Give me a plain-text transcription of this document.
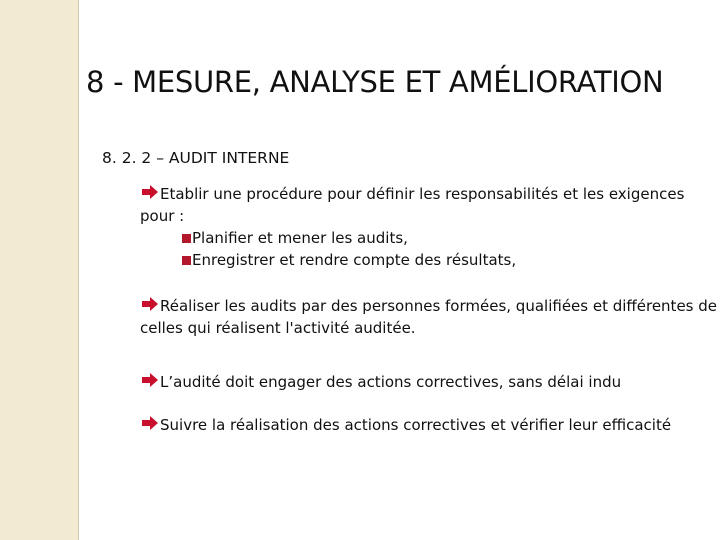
8 - MESURE, ANALYSE ET AMÉLIORATION
8. 2. 2 – AUDIT INTERNE
Etablir une procédure pour définir les responsabilités et les exigences
pour :
Planifier et mener les audits,
Enregistrer et rendre compte des résultats,
Réaliser les audits par des personnes formées, qualifiées et différentes de
celles qui réalisent l'activité auditée.
L’audité doit engager des actions correctives, sans délai indu
Suivre la réalisation des actions correctives et vérifier leur efficacité
